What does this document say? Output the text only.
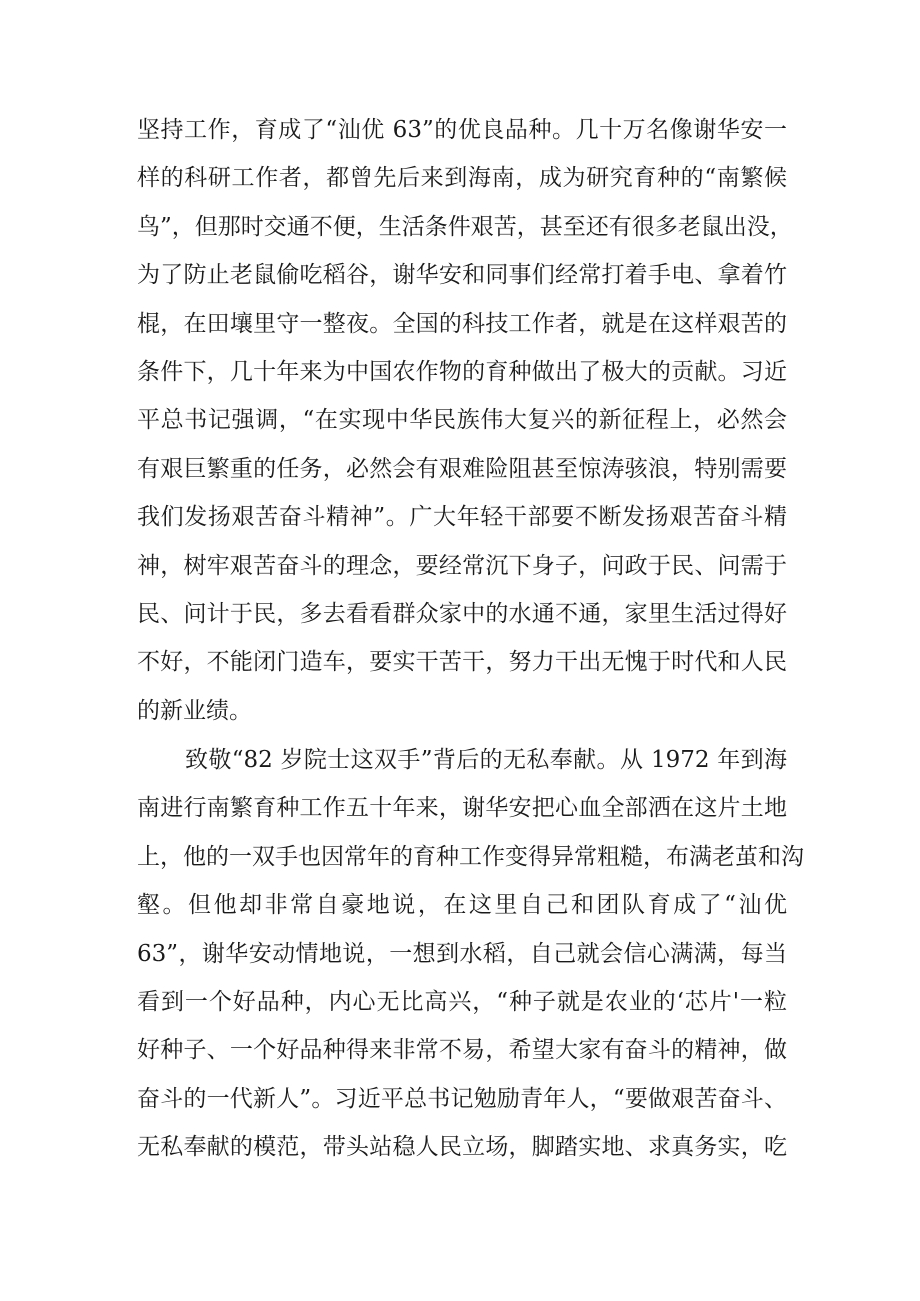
坚持工作，育成了“汕优 63”的优良品种。几十万名像谢华安一
样的科研工作者，都曾先后来到海南，成为研究育种的“南繁候
鸟”，但那时交通不便，生活条件艰苦，甚至还有很多老鼠出没，
为了防止老鼠偷吃稻谷，谢华安和同事们经常打着手电、拿着竹
棍，在田壤里守一整夜。全国的科技工作者，就是在这样艰苦的
条件下，几十年来为中国农作物的育种做出了极大的贡献。习近
平总书记强调，“在实现中华民族伟大复兴的新征程上，必然会
有艰巨繁重的任务，必然会有艰难险阻甚至惊涛骇浪，特别需要
我们发扬艰苦奋斗精神”。广大年轻干部要不断发扬艰苦奋斗精
神，树牢艰苦奋斗的理念，要经常沉下身子，问政于民、问需于
民、问计于民，多去看看群众家中的水通不通，家里生活过得好
不好，不能闭门造车，要实干苦干，努力干出无愧于时代和人民
的新业绩。
致敬“82 岁院士这双手”背后的无私奉献。从 1972 年到海
南进行南繁育种工作五十年来，谢华安把心血全部洒在这片土地
上，他的一双手也因常年的育种工作变得异常粗糙，布满老茧和沟
壑。但他却非常自豪地说，在这里自己和团队育成了“汕优
63”，谢华安动情地说，一想到水稻，自己就会信心满满，每当
看到一个好品种，内心无比高兴，“种子就是农业的‘芯片'一粒
好种子、一个好品种得来非常不易，希望大家有奋斗的精神，做
奋斗的一代新人”。习近平总书记勉励青年人，“要做艰苦奋斗、
无私奉献的模范，带头站稳人民立场，脚踏实地、求真务实，吃
